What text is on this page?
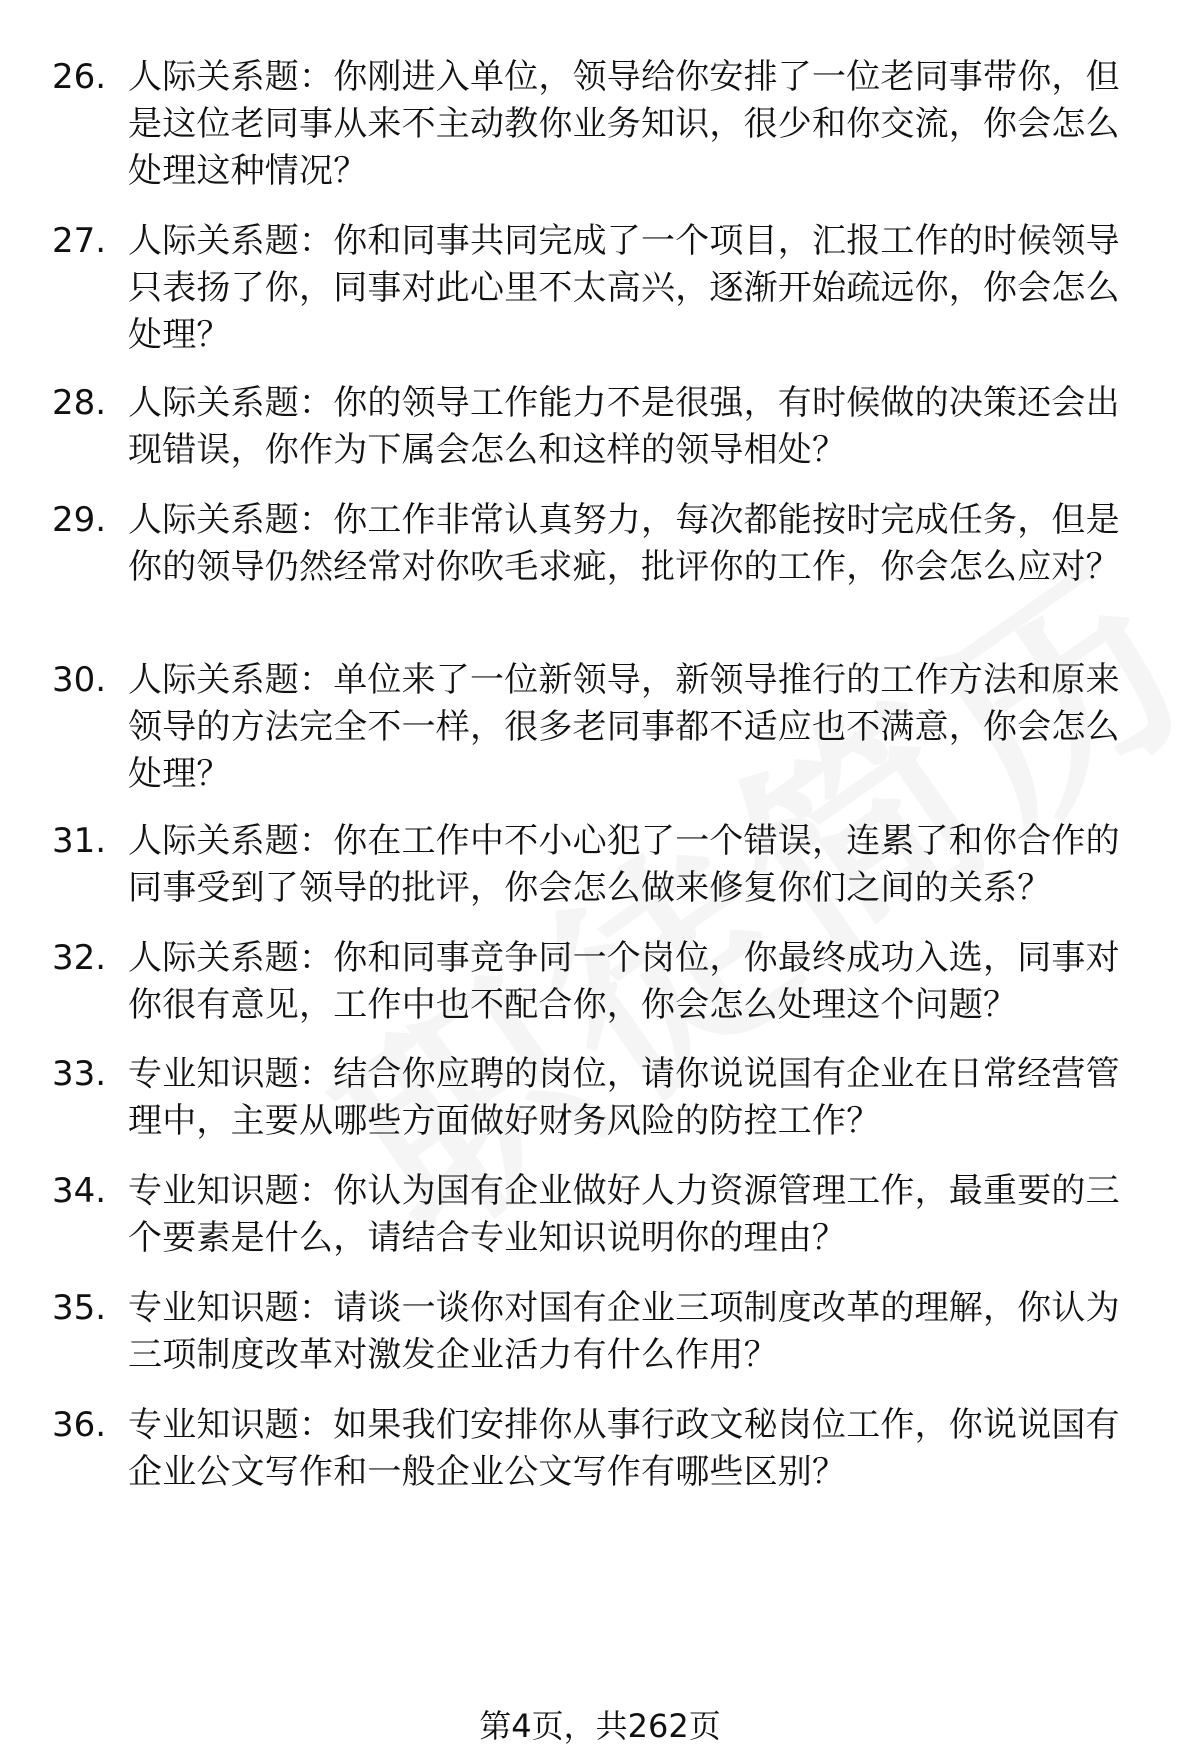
26. 人际关系题：你刚进入单位，领导给你安排了一位老同事带你，但是这位老同事从来不主动教你业务知识，很少和你交流，你会怎么处理这种情况？
27. 人际关系题：你和同事共同完成了一个项目，汇报工作的时候领导只表扬了你，同事对此心里不太高兴，逐渐开始疏远你，你会怎么处理？
28. 人际关系题：你的领导工作能力不是很强，有时候做的决策还会出现错误，你作为下属会怎么和这样的领导相处？
29. 人际关系题：你工作非常认真努力，每次都能按时完成任务，但是你的领导仍然经常对你吹毛求疵，批评你的工作，你会怎么应对？
30. 人际关系题：单位来了一位新领导，新领导推行的工作方法和原来领导的方法完全不一样，很多老同事都不适应也不满意，你会怎么处理？
31. 人际关系题：你在工作中不小心犯了一个错误，连累了和你合作的同事受到了领导的批评，你会怎么做来修复你们之间的关系？
32. 人际关系题：你和同事竞争同一个岗位，你最终成功入选，同事对你很有意见，工作中也不配合你，你会怎么处理这个问题？
33. 专业知识题：结合你应聘的岗位，请你说说国有企业在日常经营管理中，主要从哪些方面做好财务风险的防控工作？
34. 专业知识题：你认为国有企业做好人力资源管理工作，最重要的三个要素是什么，请结合专业知识说明你的理由？
35. 专业知识题：请谈一谈你对国有企业三项制度改革的理解，你认为三项制度改革对激发企业活力有什么作用？
36. 专业知识题：如果我们安排你从事行政文秘岗位工作，你说说国有企业公文写作和一般企业公文写作有哪些区别？
第4页，共262页
